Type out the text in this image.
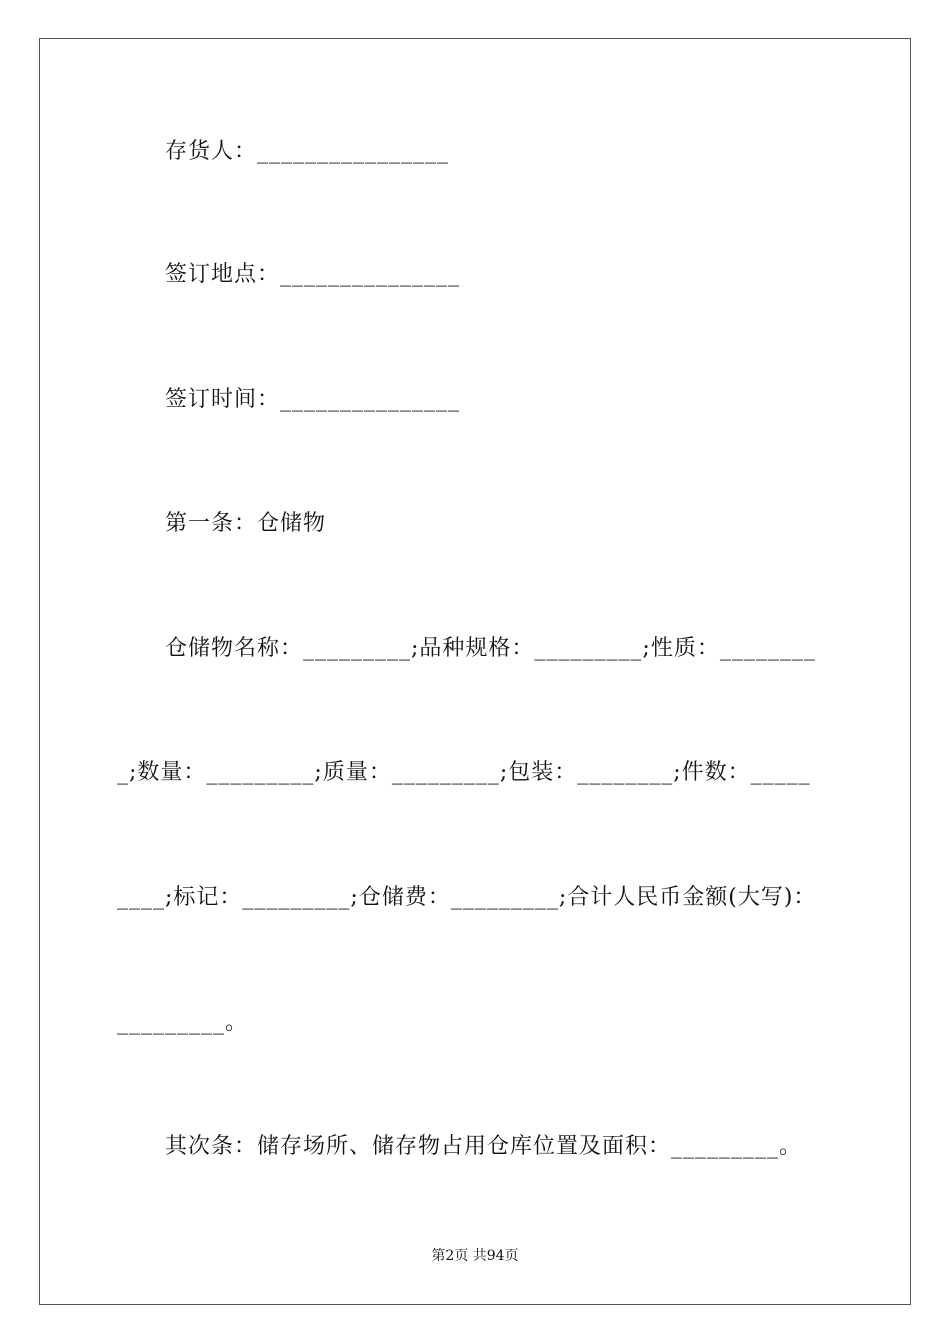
存货人：________________
签订地点：_______________
签订时间：_______________
第一条：仓储物
仓储物名称：_________;品种规格：_________;性质：________
_;数量：_________;质量：_________;包装：________;件数：_____
____;标记：_________;仓储费：_________;合计人民币金额(大写)：
_________。
其次条：储存场所、储存物占用仓库位置及面积：_________。
第2页 共94页
